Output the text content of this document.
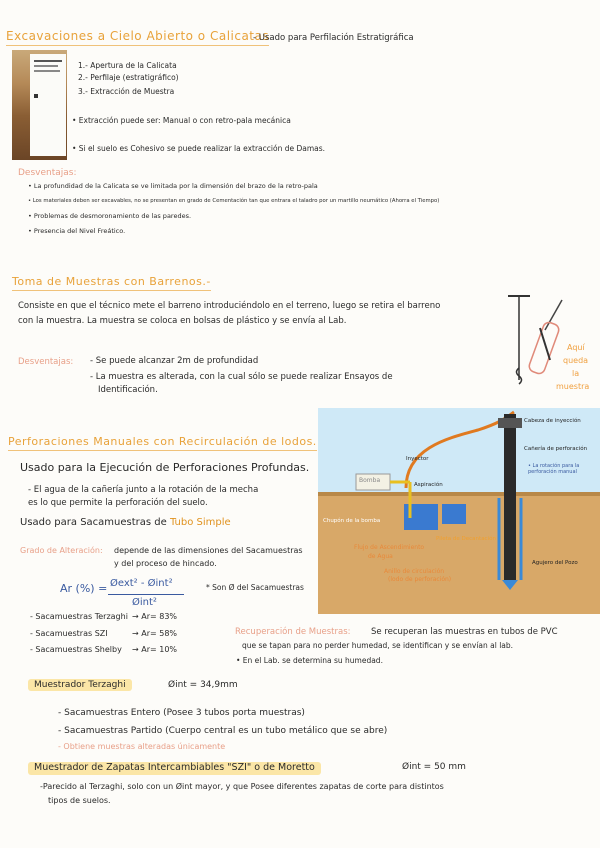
Excavaciones a Cielo Abierto o Calicatas
- Usado para Perfilación Estratigráfica
1.- Apertura de la Calicata
2.- Perfilaje (estratigráfico)
3.- Extracción de Muestra
• Extracción puede ser: Manual o con retro-pala mecánica
• Si el suelo es Cohesivo se puede realizar la extracción de Damas.
Desventajas:
• La profundidad de la Calicata se ve limitada por la dimensión del brazo de la retro-pala
• Los materiales deben ser excavables, no se presentan en grado de Cementación tan que entrara el taladro por un martillo neumático (Ahorra el Tiempo)
• Problemas de desmoronamiento de las paredes.
• Presencia del Nivel Freático.
Toma de Muestras con Barrenos.-
Consiste en que el técnico mete el barreno introduciéndolo en el terreno, luego se retira el barreno
con la muestra. La muestra se coloca en bolsas de plástico y se envía al Lab.
Desventajas: - Se puede alcanzar 2m de profundidad
- La muestra es alterada, con la cual sólo se puede realizar Ensayos de
Identificación.
Aquí
queda
la
muestra
Perforaciones Manuales con Recirculación de lodos.
Usado para la Ejecución de Perforaciones Profundas.
- El agua de la cañería junto a la rotación de la mecha
es lo que permite la perforación del suelo.
Usado para Sacamuestras de Tubo Simple
Grado de Alteración: depende de las dimensiones del Sacamuestras
y del proceso de hincado.
Ar (%) = Øext² - Øint²
Øint²
* Son Ø del Sacamuestras
- Sacamuestras Terzaghi → Ar= 83%
- Sacamuestras SZI	→ Ar= 58%
- Sacamuestras Shelby → Ar= 10%
Recuperación de Muestras: Se recuperan las muestras en tubos de PVC
que se tapan para no perder humedad, se identifican y se envían al lab.
• En el Lab. se determina su humedad.
Bomba
Cabeza de inyección
Cañería de perforación
Inyector
Aspiración
Chupón de la bomba
Pileta de Decantación
Flujo de Ascendimiento
de Agua
Anillo de circulación
(lodo de perforación)
• La rotación para la perforación manual
Agujero del Pozo
Muestrador Terzaghi	Øint = 34,9mm
- Sacamuestras Entero (Posee 3 tubos porta muestras)
- Sacamuestras Partido (Cuerpo central es un tubo metálico que se abre)
- Obtiene muestras alteradas únicamente
Muestrador de Zapatas Intercambiables "SZI" o de Moretto	Øint = 50 mm
-Parecido al Terzaghi, solo con un Øint mayor, y que Posee diferentes zapatas de corte para distintos
tipos de suelos.
